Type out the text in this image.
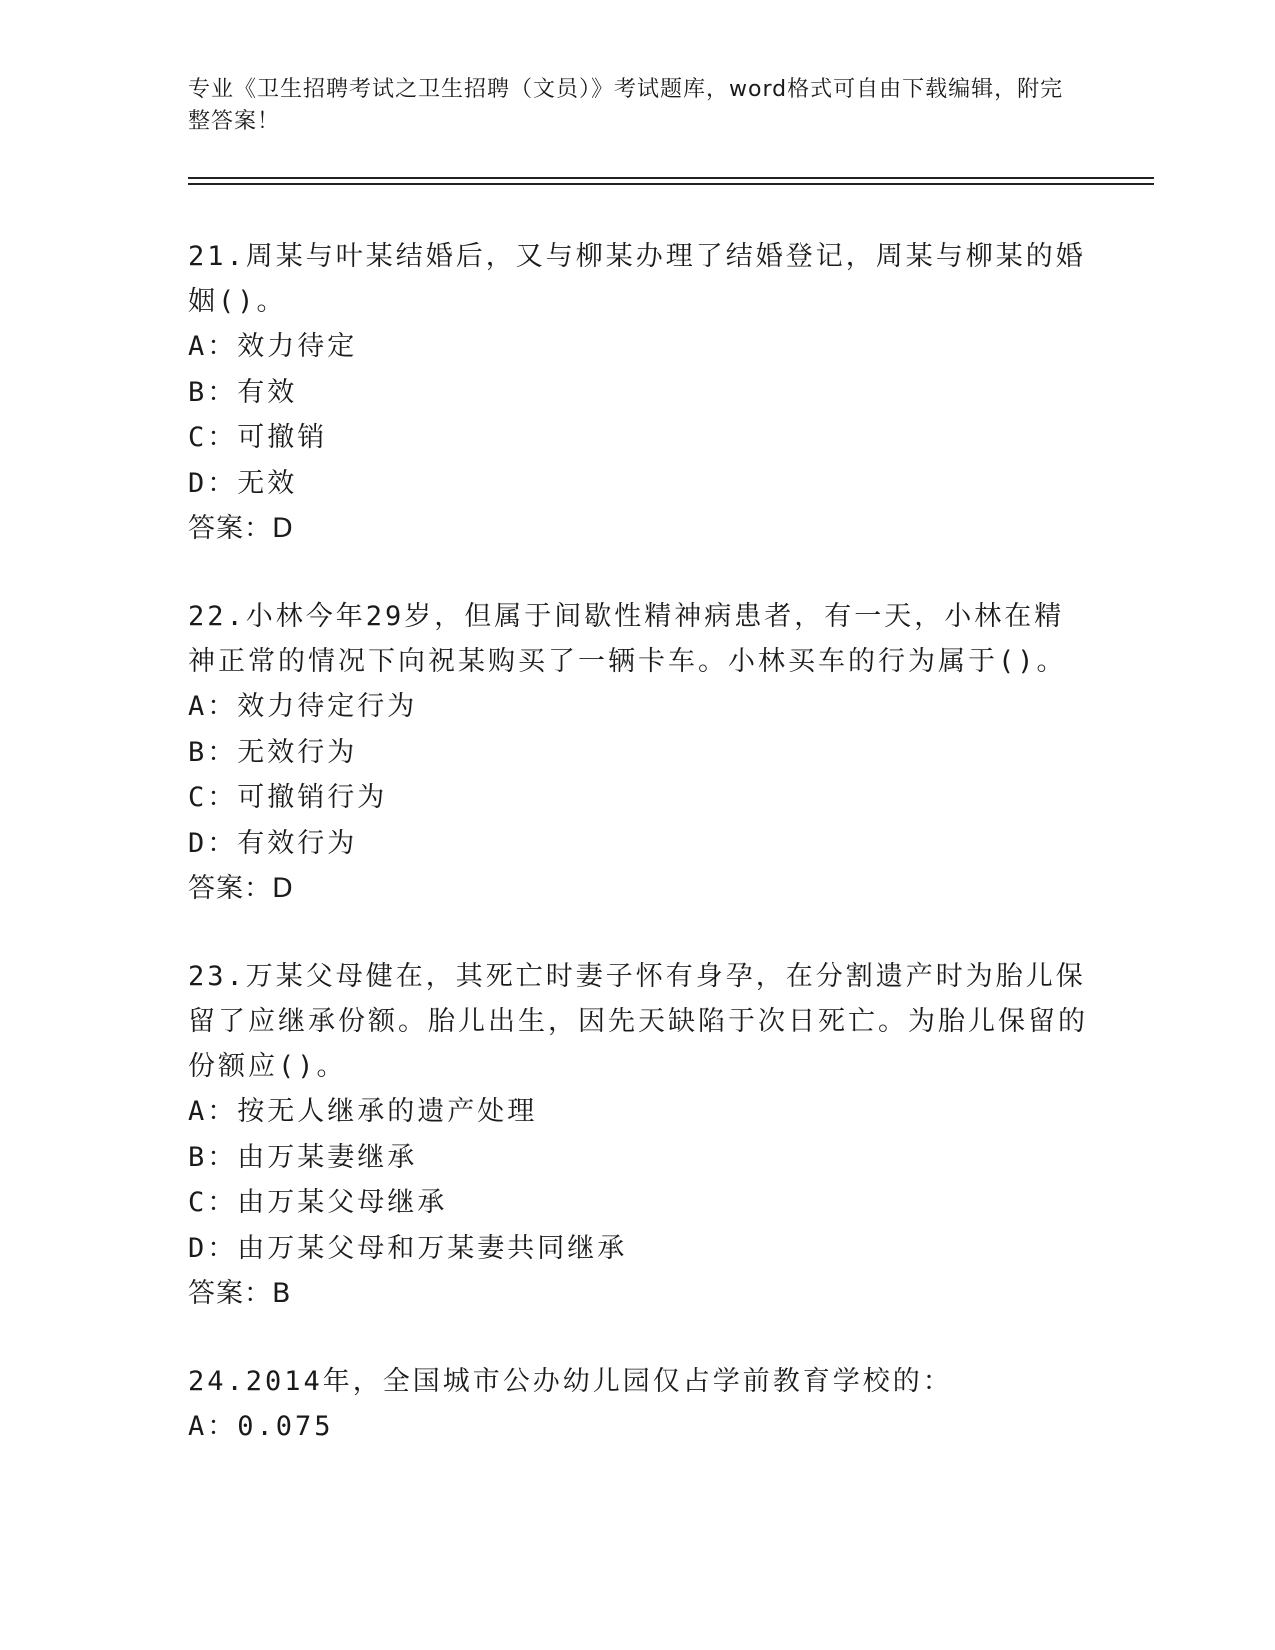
专业《卫生招聘考试之卫生招聘（文员）》考试题库，word格式可自由下载编辑，附完整答案！

21.周某与叶某结婚后，又与柳某办理了结婚登记，周某与柳某的婚姻()。

A：效力待定

B：有效

C：可撤销

D：无效

答案：D

22.小林今年29岁，但属于间歇性精神病患者，有一天，小林在精神正常的情况下向祝某购买了一辆卡车。小林买车的行为属于()。

A：效力待定行为

B：无效行为

C：可撤销行为

D：有效行为

答案：D

23.万某父母健在，其死亡时妻子怀有身孕，在分割遗产时为胎儿保留了应继承份额。胎儿出生，因先天缺陷于次日死亡。为胎儿保留的份额应()。

A：按无人继承的遗产处理

B：由万某妻继承

C：由万某父母继承

D：由万某父母和万某妻共同继承

答案：B

24.2014年，全国城市公办幼儿园仅占学前教育学校的：

A：0.075
